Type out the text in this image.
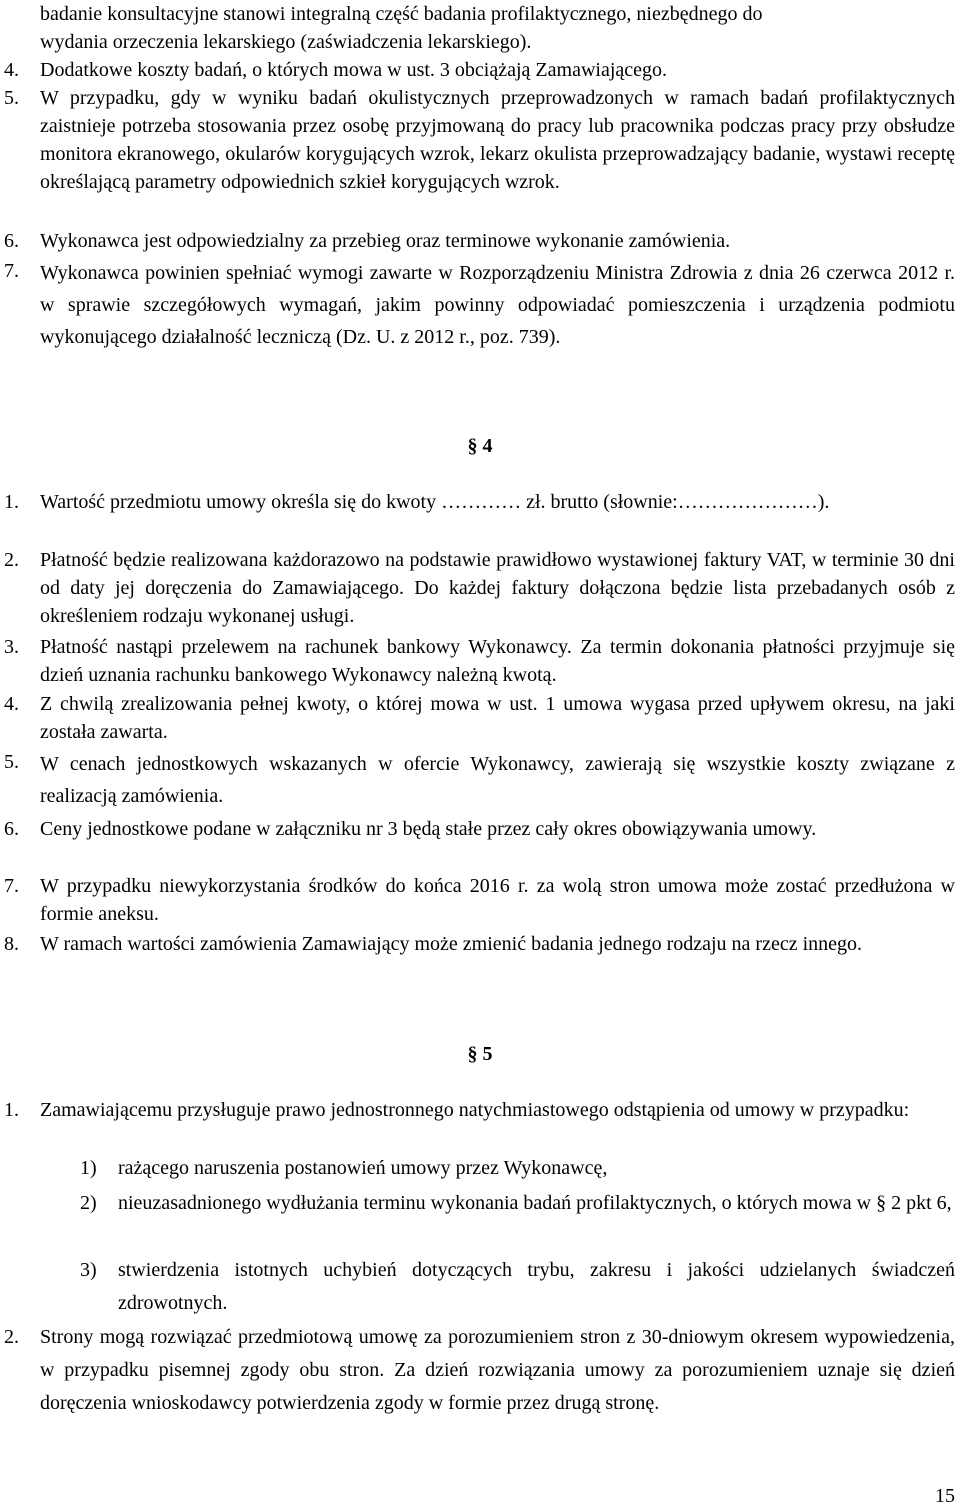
badanie konsultacyjne stanowi integralną część badania profilaktycznego, niezbędnego do

wydania orzeczenia lekarskiego (zaświadczenia lekarskiego).

4. Dodatkowe koszty badań, o których mowa w ust. 3 obciążają Zamawiającego.

5. W przypadku, gdy w wyniku badań okulistycznych przeprowadzonych w ramach badań profilaktycznych zaistnieje potrzeba stosowania przez osobę przyjmowaną do pracy lub pracownika podczas pracy przy obsłudze monitora ekranowego, okularów korygujących wzrok, lekarz okulista przeprowadzający badanie, wystawi receptę określającą parametry odpowiednich szkieł korygujących wzrok.

6. Wykonawca jest odpowiedzialny za przebieg oraz terminowe wykonanie zamówienia.

7. Wykonawca powinien spełniać wymogi zawarte w Rozporządzeniu Ministra Zdrowia z dnia 26 czerwca 2012 r. w sprawie szczegółowych wymagań, jakim powinny odpowiadać pomieszczenia i urządzenia podmiotu wykonującego działalność leczniczą (Dz. U. z 2012 r., poz. 739).

§ 4
1. Wartość przedmiotu umowy określa się do kwoty ………… zł. brutto (słownie:…………………).

2. Płatność będzie realizowana każdorazowo na podstawie prawidłowo wystawionej faktury VAT, w terminie 30 dni od daty jej doręczenia do Zamawiającego. Do każdej faktury dołączona będzie lista przebadanych osób z określeniem rodzaju wykonanej usługi.

3. Płatność nastąpi przelewem na rachunek bankowy Wykonawcy. Za termin dokonania płatności przyjmuje się dzień uznania rachunku bankowego Wykonawcy należną kwotą.

4. Z chwilą zrealizowania pełnej kwoty, o której mowa w ust. 1 umowa wygasa przed upływem okresu, na jaki została zawarta.

5. W cenach jednostkowych wskazanych w ofercie Wykonawcy, zawierają się wszystkie koszty związane z realizacją zamówienia.

6. Ceny jednostkowe podane w załączniku nr 3 będą stałe przez cały okres obowiązywania umowy.

7. W przypadku niewykorzystania środków do końca 2016 r. za wolą stron umowa może zostać przedłużona w formie aneksu.

8. W ramach wartości zamówienia Zamawiający może zmienić badania jednego rodzaju na rzecz innego.

§ 5
1. Zamawiającemu przysługuje prawo jednostronnego natychmiastowego odstąpienia od umowy w przypadku:

1) rażącego naruszenia postanowień umowy przez Wykonawcę,

2) nieuzasadnionego wydłużania terminu wykonania badań profilaktycznych, o których mowa w § 2 pkt 6,

3) stwierdzenia istotnych uchybień dotyczących trybu, zakresu i jakości udzielanych świadczeń zdrowotnych.

2. Strony mogą rozwiązać przedmiotową umowę za porozumieniem stron z 30-dniowym okresem wypowiedzenia, w przypadku pisemnej zgody obu stron. Za dzień rozwiązania umowy za porozumieniem uznaje się dzień doręczenia wnioskodawcy potwierdzenia zgody w formie przez drugą stronę.

15
